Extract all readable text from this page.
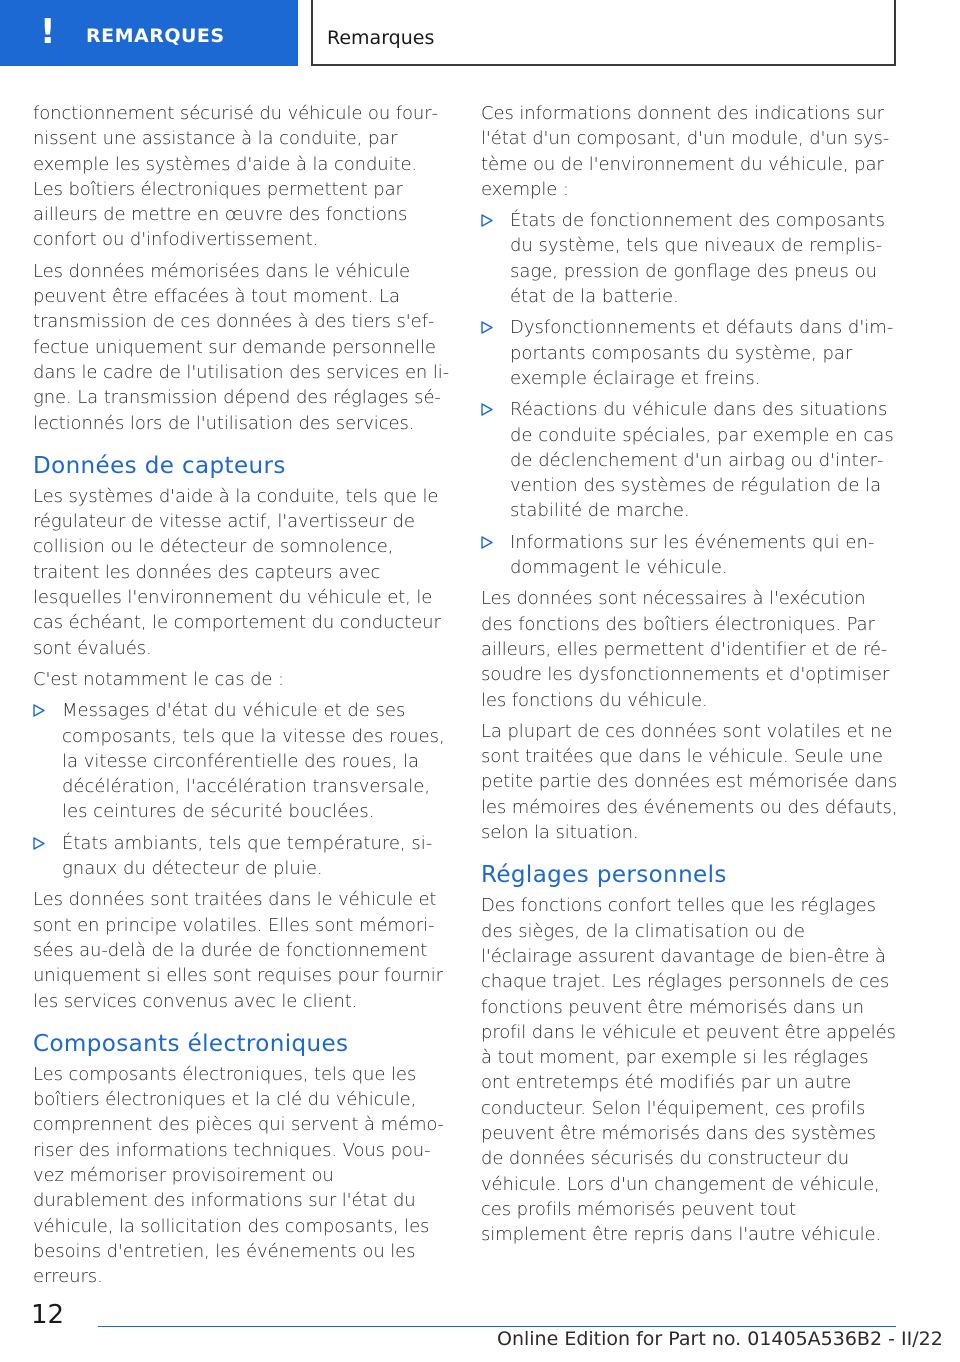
! REMARQUES	Remarques

fonctionnement sécurisé du véhicule ou fournissent une assistance à la conduite, par exemple les systèmes d'aide à la conduite. Les boîtiers électroniques permettent par ailleurs de mettre en œuvre des fonctions confort ou d'infodivertissement.

Les données mémorisées dans le véhicule peuvent être effacées à tout moment. La transmission de ces données à des tiers s'effectue uniquement sur demande personnelle dans le cadre de l'utilisation des services en ligne. La transmission dépend des réglages sélectionnés lors de l'utilisation des services.

Données de capteurs

Les systèmes d'aide à la conduite, tels que le régulateur de vitesse actif, l'avertisseur de collision ou le détecteur de somnolence, traitent les données des capteurs avec lesquelles l'environnement du véhicule et, le cas échéant, le comportement du conducteur sont évalués.

C'est notamment le cas de :

Messages d'état du véhicule et de ses composants, tels que la vitesse des roues, la vitesse circonférentielle des roues, la décélération, l'accélération transversale, les ceintures de sécurité bouclées.
États ambiants, tels que température, signaux du détecteur de pluie.

Les données sont traitées dans le véhicule et sont en principe volatiles. Elles sont mémorisées au-delà de la durée de fonctionnement uniquement si elles sont requises pour fournir les services convenus avec le client.

Composants électroniques

Les composants électroniques, tels que les boîtiers électroniques et la clé du véhicule, comprennent des pièces qui servent à mémoriser des informations techniques. Vous pouvez mémoriser provisoirement ou durablement des informations sur l'état du véhicule, la sollicitation des composants, les besoins d'entretien, les événements ou les erreurs.

Ces informations donnent des indications sur l'état d'un composant, d'un module, d'un système ou de l'environnement du véhicule, par exemple :

États de fonctionnement des composants du système, tels que niveaux de remplissage, pression de gonflage des pneus ou état de la batterie.
Dysfonctionnements et défauts dans d'importants composants du système, par exemple éclairage et freins.
Réactions du véhicule dans des situations de conduite spéciales, par exemple en cas de déclenchement d'un airbag ou d'intervention des systèmes de régulation de la stabilité de marche.
Informations sur les événements qui endommagent le véhicule.

Les données sont nécessaires à l'exécution des fonctions des boîtiers électroniques. Par ailleurs, elles permettent d'identifier et de résoudre les dysfonctionnements et d'optimiser les fonctions du véhicule.

La plupart de ces données sont volatiles et ne sont traitées que dans le véhicule. Seule une petite partie des données est mémorisée dans les mémoires des événements ou des défauts, selon la situation.

Réglages personnels

Des fonctions confort telles que les réglages des sièges, de la climatisation ou de l'éclairage assurent davantage de bien-être à chaque trajet. Les réglages personnels de ces fonctions peuvent être mémorisés dans un profil dans le véhicule et peuvent être appelés à tout moment, par exemple si les réglages ont entretemps été modifiés par un autre conducteur. Selon l'équipement, ces profils peuvent être mémorisés dans des systèmes de données sécurisés du constructeur du véhicule. Lors d'un changement de véhicule, ces profils mémorisés peuvent tout simplement être repris dans l'autre véhicule.

12
Online Edition for Part no. 01405A536B2 - II/22
